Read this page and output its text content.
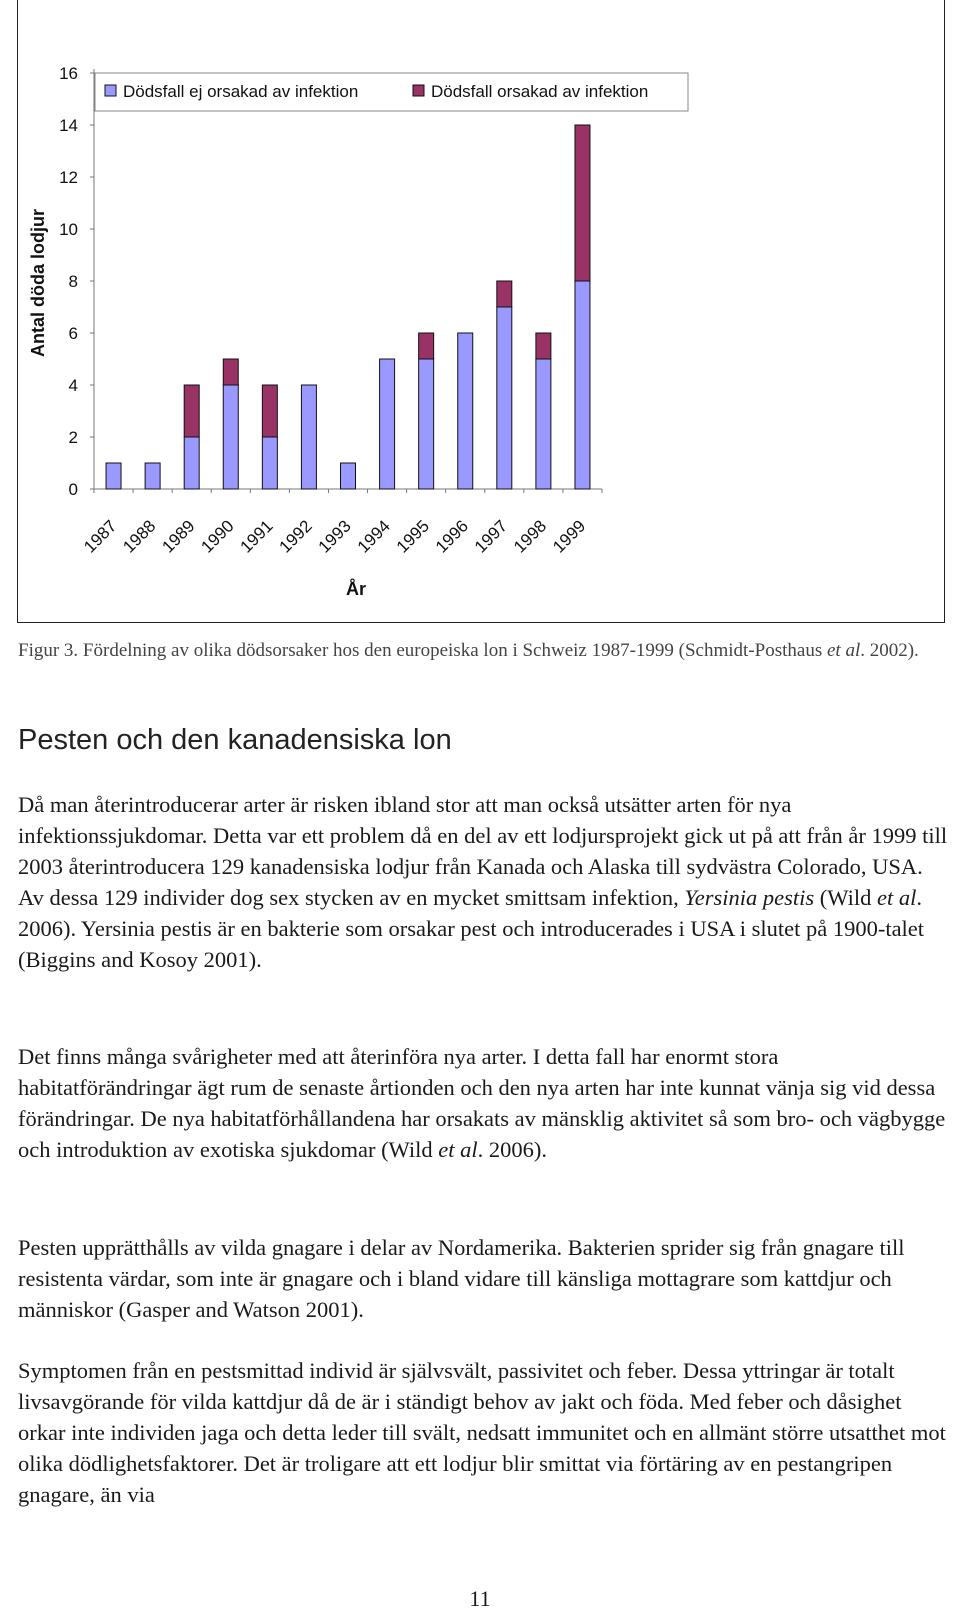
0
2
4
6
8
10
12
14
16
1987
1988
1989
1990
1991
1992
1993
1994
1995
1996
1997
1998
1999
Antal döda lodjur
År
Dödsfall ej orsakad av infektion	Dödsfall orsakad av infektion
Figur 3. Fördelning av olika dödsorsaker hos den europeiska lon i Schweiz 1987-1999 (Schmidt-Posthaus et al. 2002).
Pesten och den kanadensiska lon

Då man återintroducerar arter är risken ibland stor att man också utsätter arten för nya infektionssjukdomar. Detta var ett problem då en del av ett lodjursprojekt gick ut på att från år 1999 till 2003 återintroducera 129 kanadensiska lodjur från Kanada och Alaska till sydvästra Colorado, USA. Av dessa 129 individer dog sex stycken av en mycket smittsam infektion, Yersinia pestis (Wild et al. 2006). Yersinia pestis är en bakterie som orsakar pest och introducerades i USA i slutet på 1900-talet (Biggins and Kosoy 2001).

Det finns många svårigheter med att återinföra nya arter. I detta fall har enormt stora habitatförändringar ägt rum de senaste årtionden och den nya arten har inte kunnat vänja sig vid dessa förändringar. De nya habitatförhållandena har orsakats av mänsklig aktivitet så som bro- och vägbygge och introduktion av exotiska sjukdomar (Wild et al. 2006).

Pesten upprätthålls av vilda gnagare i delar av Nordamerika. Bakterien sprider sig från gnagare till resistenta värdar, som inte är gnagare och i bland vidare till känsliga mottagrare som kattdjur och människor (Gasper and Watson 2001).

Symptomen från en pestsmittad individ är självsvält, passivitet och feber. Dessa yttringar är totalt livsavgörande för vilda kattdjur då de är i ständigt behov av jakt och föda. Med feber och dåsighet orkar inte individen jaga och detta leder till svält, nedsatt immunitet och en allmänt större utsatthet mot olika dödlighetsfaktorer. Det är troligare att ett lodjur blir smittat via förtäring av en pestangripen gnagare, än via

11
